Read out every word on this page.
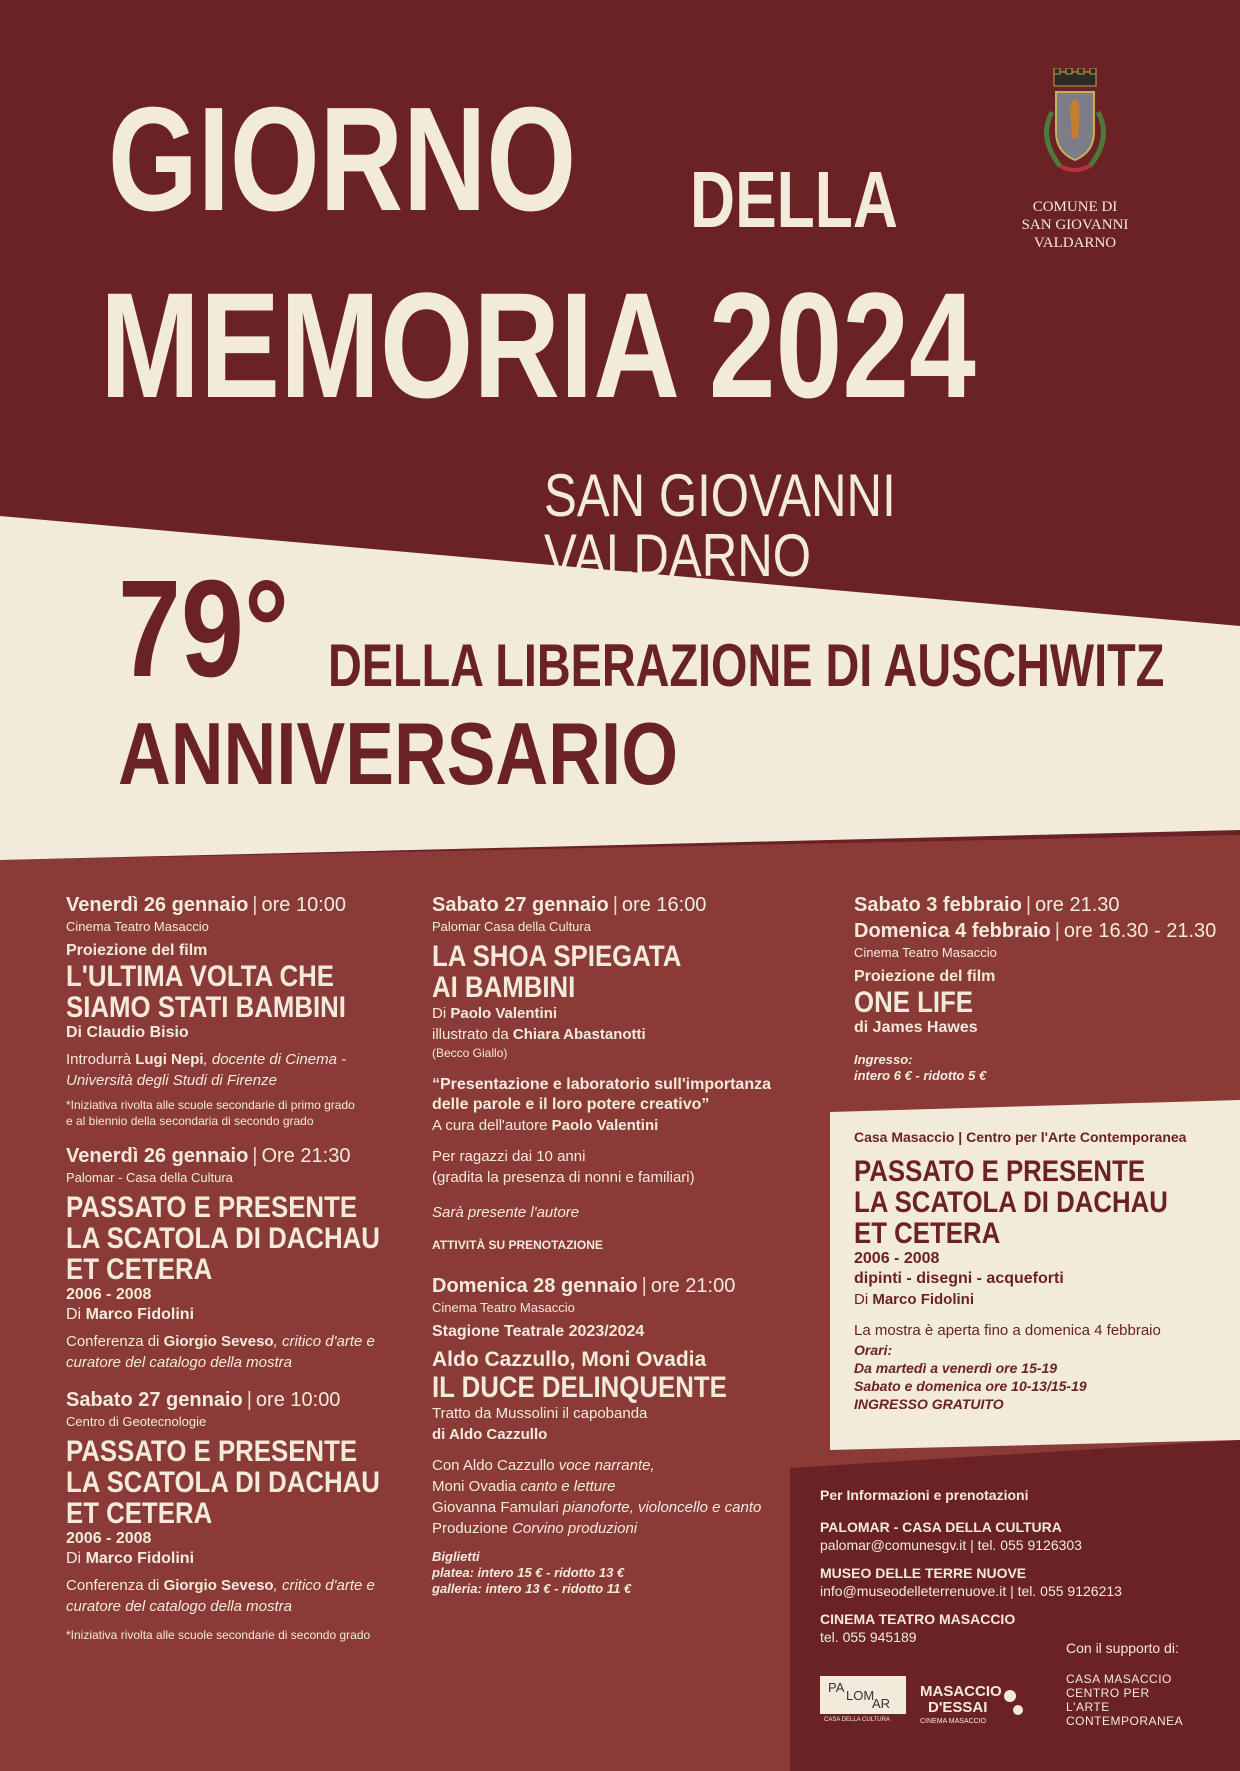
GIORNO DELLA
MEMORIA 2024
SAN GIOVANNI VALDARNO
COMUNE DI
SAN GIOVANNI
VALDARNO
79° DELLA LIBERAZIONE DI AUSCHWITZ
ANNIVERSARIO
Venerdì 26 gennaio | ore 10:00
Cinema Teatro Masaccio
Proiezione del film
L'ULTIMA VOLTA CHE
SIAMO STATI BAMBINI
Di Claudio Bisio
Introdurrà Lugi Nepi, docente di Cinema -
Università degli Studi di Firenze
*Iniziativa rivolta alle scuole secondarie di primo grado
e al biennio della secondaria di secondo grado
Venerdì 26 gennaio | Ore 21:30
Palomar - Casa della Cultura
PASSATO E PRESENTE
LA SCATOLA DI DACHAU
ET CETERA
2006 - 2008
Di Marco Fidolini
Conferenza di Giorgio Seveso, critico d'arte e
curatore del catalogo della mostra
Sabato 27 gennaio | ore 10:00
Centro di Geotecnologie
PASSATO E PRESENTE
LA SCATOLA DI DACHAU
ET CETERA
2006 - 2008
Di Marco Fidolini
Conferenza di Giorgio Seveso, critico d'arte e
curatore del catalogo della mostra
*Iniziativa rivolta alle scuole secondarie di secondo grado
Sabato 27 gennaio | ore 16:00
Palomar Casa della Cultura
LA SHOA SPIEGATA
AI BAMBINI
Di Paolo Valentini
illustrato da Chiara Abastanotti
(Becco Giallo)
“Presentazione e laboratorio sull'importanza
delle parole e il loro potere creativo”
A cura dell'autore Paolo Valentini
Per ragazzi dai 10 anni
(gradita la presenza di nonni e familiari)
Sarà presente l'autore
ATTIVITÀ SU PRENOTAZIONE
Domenica 28 gennaio | ore 21:00
Cinema Teatro Masaccio
Stagione Teatrale 2023/2024
Aldo Cazzullo, Moni Ovadia
IL DUCE DELINQUENTE
Tratto da Mussolini il capobanda
di Aldo Cazzullo
Con Aldo Cazzullo voce narrante,
Moni Ovadia canto e letture
Giovanna Famulari pianoforte, violoncello e canto
Produzione Corvino produzioni
Biglietti
platea: intero 15 € - ridotto 13 €
galleria: intero 13 € - ridotto 11 €
Sabato 3 febbraio | ore 21.30
Domenica 4 febbraio | ore 16.30 - 21.30
Cinema Teatro Masaccio
Proiezione del film
ONE LIFE
di James Hawes
Ingresso:
intero 6 € - ridotto 5 €
Casa Masaccio | Centro per l'Arte Contemporanea
PASSATO E PRESENTE
LA SCATOLA DI DACHAU
ET CETERA
2006 - 2008
dipinti - disegni - acqueforti
Di Marco Fidolini
La mostra è aperta fino a domenica 4 febbraio
Orari:
Da martedì a venerdì ore 15-19
Sabato e domenica ore 10-13/15-19
INGRESSO GRATUITO
Per Informazioni e prenotazioni
PALOMAR - CASA DELLA CULTURA
palomar@comunesgv.it | tel. 055 9126303
MUSEO DELLE TERRE NUOVE
info@museodelleterrenuove.it | tel. 055 9126213
CINEMA TEATRO MASACCIO
tel. 055 945189
Con il supporto di:
PA
LOM
AR
CASA DELLA CULTURA
MASACCIO
D'ESSAI
CINEMA MASACCIO
CASA MASACCIO
CENTRO PER
L'ARTE
CONTEMPORANEA
